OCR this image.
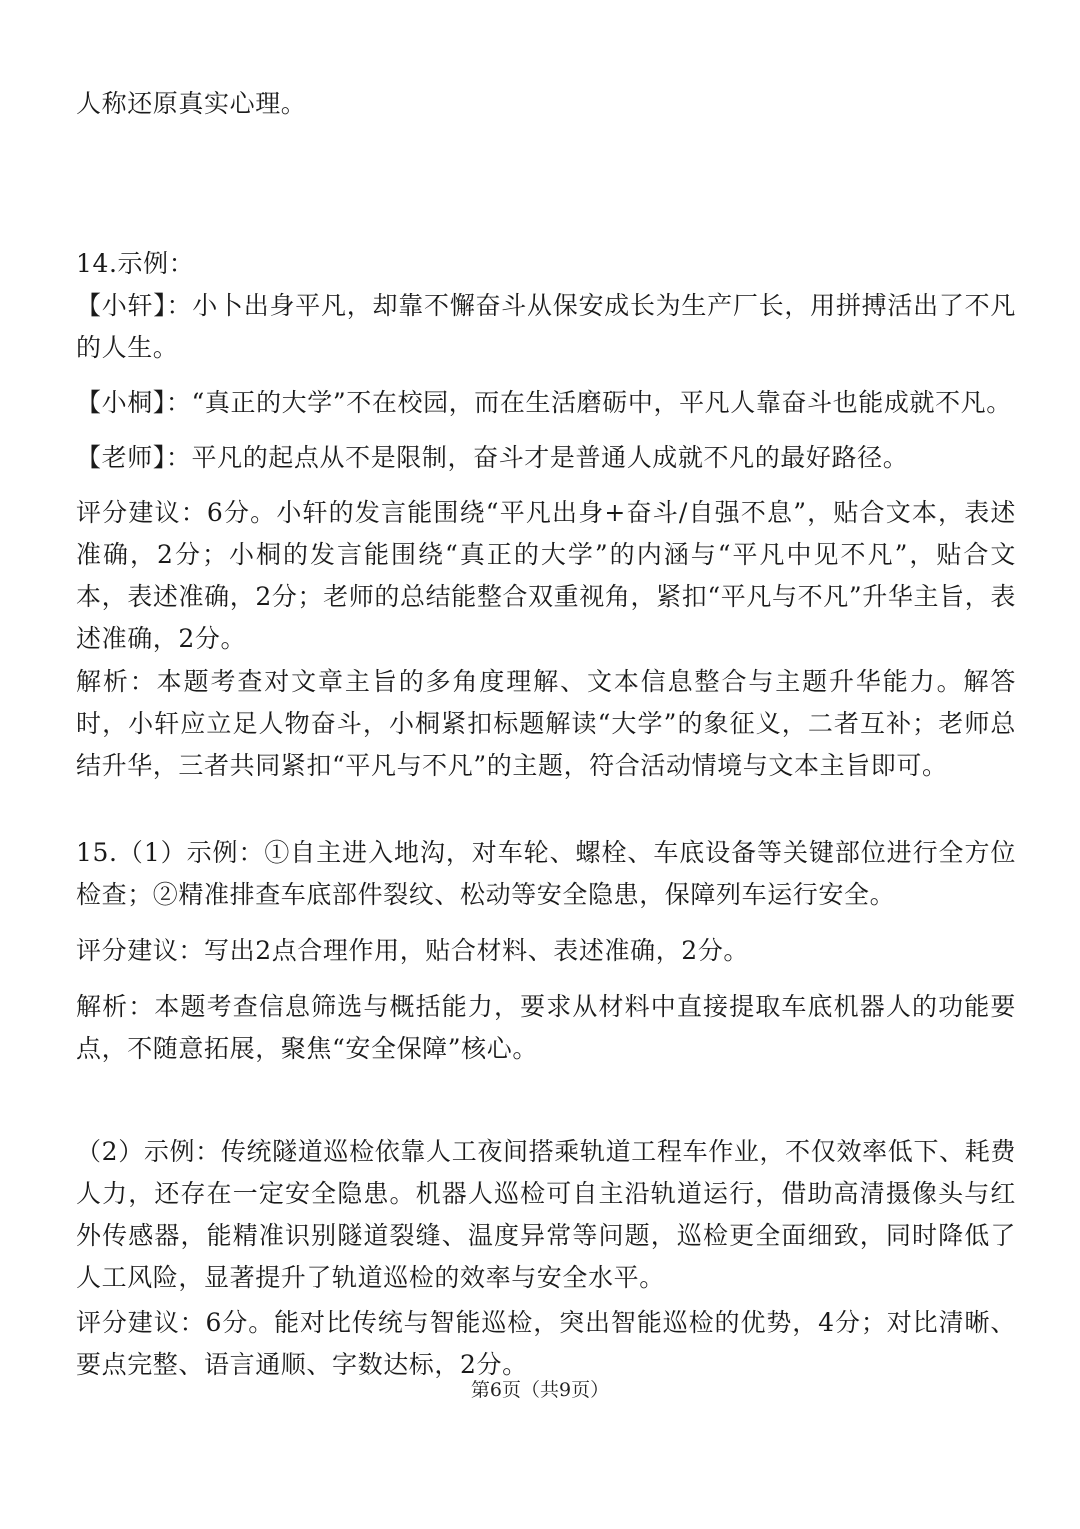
人称还原真实心理。

14.示例：

【小轩】：小卜出身平凡，却靠不懈奋斗从保安成长为生产厂长，用拼搏活出了不凡的人生。

【小桐】：“真正的大学”不在校园，而在生活磨砺中，平凡人靠奋斗也能成就不凡。

【老师】：平凡的起点从不是限制，奋斗才是普通人成就不凡的最好路径。

评分建议：6分。小轩的发言能围绕“平凡出身+奋斗/自强不息”，贴合文本，表述准确，2分；小桐的发言能围绕“真正的大学”的内涵与“平凡中见不凡”，贴合文本，表述准确，2分；老师的总结能整合双重视角，紧扣“平凡与不凡”升华主旨，表述准确，2分。

解析：本题考查对文章主旨的多角度理解、文本信息整合与主题升华能力。解答时，小轩应立足人物奋斗，小桐紧扣标题解读“大学”的象征义，二者互补；老师总结升华，三者共同紧扣“平凡与不凡”的主题，符合活动情境与文本主旨即可。

15.（1）示例：①自主进入地沟，对车轮、螺栓、车底设备等关键部位进行全方位检查；②精准排查车底部件裂纹、松动等安全隐患，保障列车运行安全。

评分建议：写出2点合理作用，贴合材料、表述准确，2分。

解析：本题考查信息筛选与概括能力，要求从材料中直接提取车底机器人的功能要点，不随意拓展，聚焦“安全保障”核心。

（2）示例：传统隧道巡检依靠人工夜间搭乘轨道工程车作业，不仅效率低下、耗费人力，还存在一定安全隐患。机器人巡检可自主沿轨道运行，借助高清摄像头与红外传感器，能精准识别隧道裂缝、温度异常等问题，巡检更全面细致，同时降低了人工风险，显著提升了轨道巡检的效率与安全水平。

评分建议：6分。能对比传统与智能巡检，突出智能巡检的优势，4分；对比清晰、要点完整、语言通顺、字数达标，2分。

第6页（共9页）
